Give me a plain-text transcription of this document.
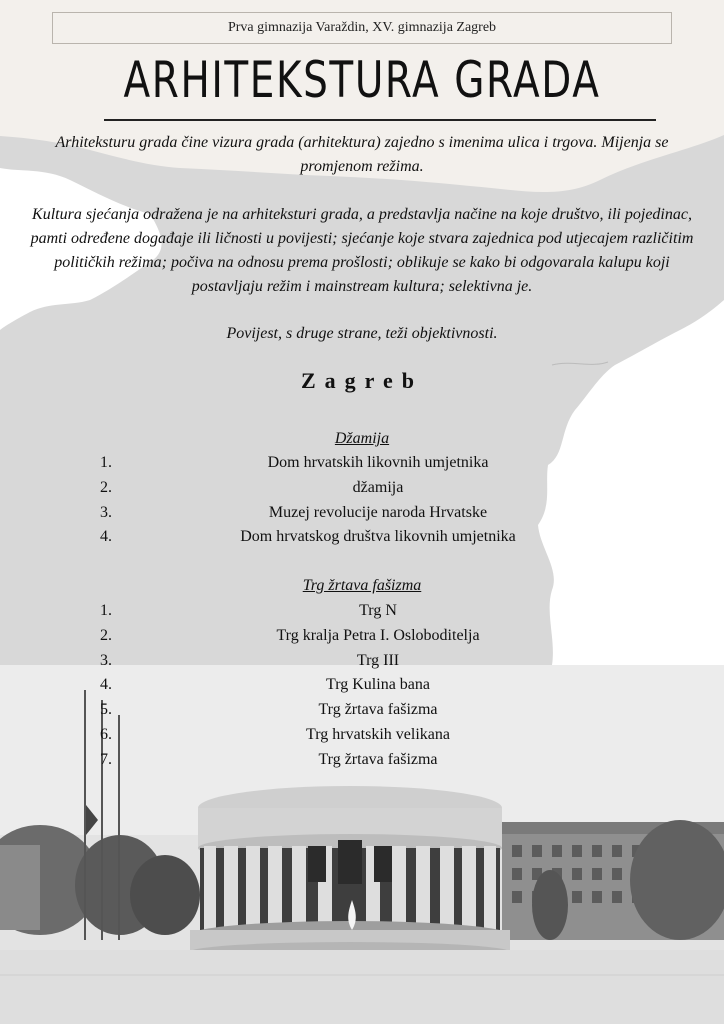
Prva gimnazija Varaždin, XV. gimnazija Zagreb
ARHITEKSTURA GRADA

Arhiteksturu grada čine vizura grada (arhitektura) zajedno s imenima ulica i trgova. Mijenja se promjenom režima.

Kultura sjećanja odražena je na arhiteksturi grada, a predstavlja načine na koje društvo, ili pojedinac, pamti određene događaje ili ličnosti u povijesti; sjećanje koje stvara zajednica pod utjecajem različitim političkih režima; počiva na odnosu prema prošlosti; oblikuje se kako bi odgovarala kalupu koji postavljaju režim i mainstream kultura; selektivna je.

Povijest, s druge strane, teži objektivnosti.

Zagreb
Džamija
1.	Dom hrvatskih likovnih umjetnika
2.	džamija
3.	Muzej revolucije naroda Hrvatske
4.	Dom hrvatskog društva likovnih umjetnika
Trg žrtava fašizma
1.	Trg N
2.	Trg kralja Petra I. Osloboditelja
3.	Trg III
4.	Trg Kulina bana
5.	Trg žrtava fašizma
6.	Trg hrvatskih velikana
7.	Trg žrtava fašizma
